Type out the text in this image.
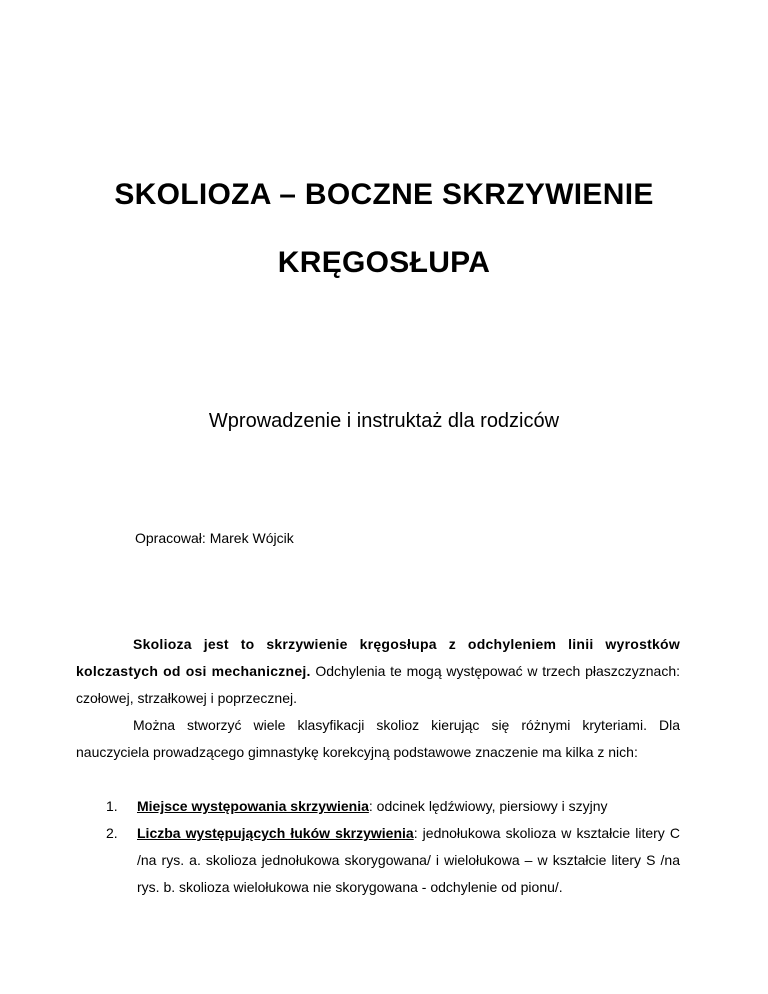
SKOLIOZA – BOCZNE SKRZYWIENIE
KRĘGOSŁUPA
Wprowadzenie i instruktaż dla rodziców
Opracował: Marek Wójcik

Skolioza jest to skrzywienie kręgosłupa z odchyleniem linii wyrostków kolczastych od osi mechanicznej. Odchylenia te mogą występować w trzech płaszczyznach: czołowej, strzałkowej i poprzecznej.

Można stworzyć wiele klasyfikacji skolioz kierując się różnymi kryteriami. Dla nauczyciela prowadzącego gimnastykę korekcyjną podstawowe znaczenie ma kilka z nich:

1. Miejsce występowania skrzywienia: odcinek lędźwiowy, piersiowy i szyjny
2. Liczba występujących łuków skrzywienia: jednołukowa skolioza w kształcie litery C /na rys. a. skolioza jednołukowa skorygowana/ i wielołukowa – w kształcie litery S /na rys. b. skolioza wielołukowa nie skorygowana - odchylenie od pionu/.
